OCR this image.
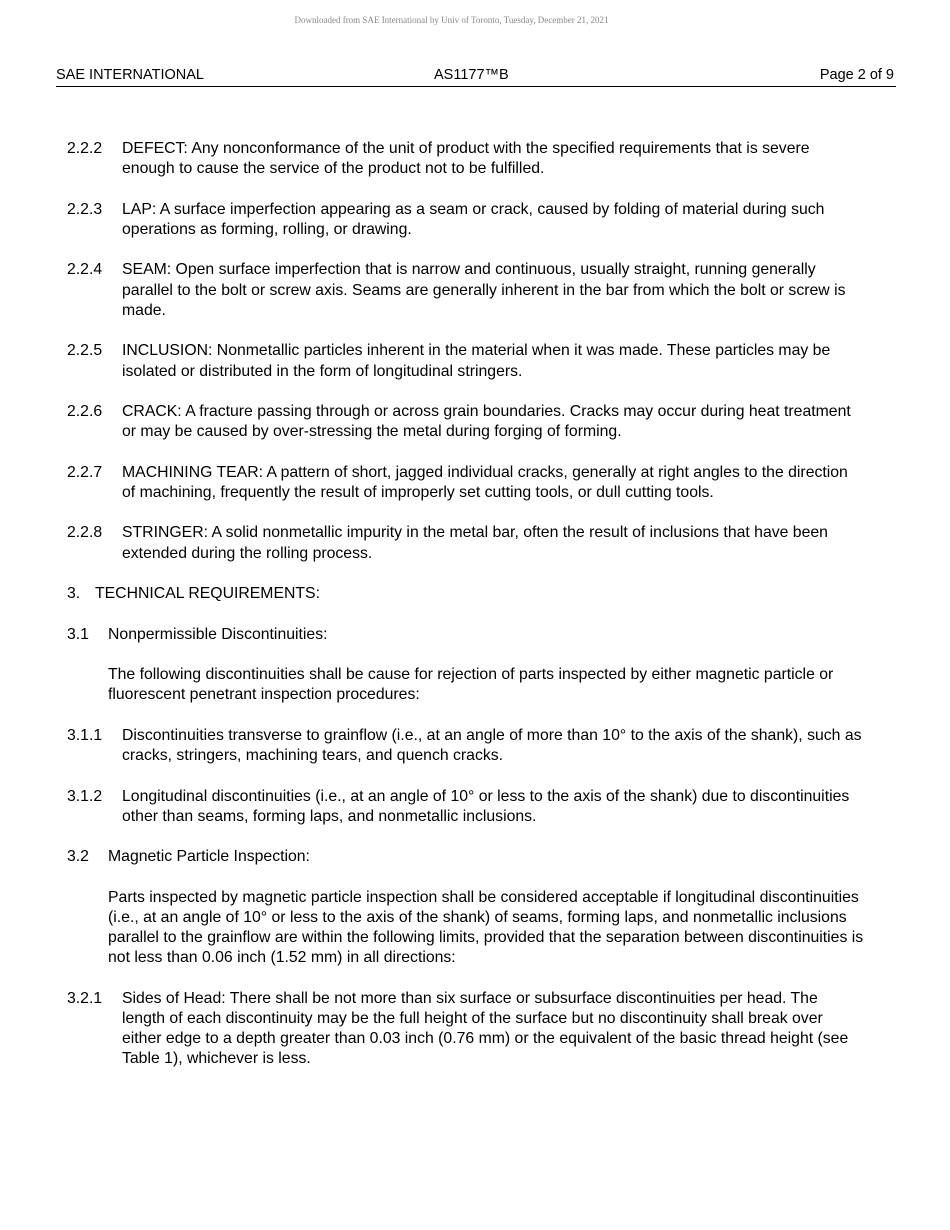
Downloaded from SAE International by Univ of Toronto, Tuesday, December 21, 2021
SAE INTERNATIONAL	AS1177™B	Page 2 of 9
2.2.2 DEFECT: Any nonconformance of the unit of product with the specified requirements that is severe enough to cause the service of the product not to be fulfilled.
2.2.3 LAP: A surface imperfection appearing as a seam or crack, caused by folding of material during such operations as forming, rolling, or drawing.
2.2.4 SEAM: Open surface imperfection that is narrow and continuous, usually straight, running generally parallel to the bolt or screw axis. Seams are generally inherent in the bar from which the bolt or screw is made.
2.2.5 INCLUSION: Nonmetallic particles inherent in the material when it was made. These particles may be isolated or distributed in the form of longitudinal stringers.
2.2.6 CRACK: A fracture passing through or across grain boundaries. Cracks may occur during heat treatment or may be caused by over-stressing the metal during forging of forming.
2.2.7 MACHINING TEAR: A pattern of short, jagged individual cracks, generally at right angles to the direction of machining, frequently the result of improperly set cutting tools, or dull cutting tools.
2.2.8 STRINGER: A solid nonmetallic impurity in the metal bar, often the result of inclusions that have been extended during the rolling process.
3. TECHNICAL REQUIREMENTS:
3.1 Nonpermissible Discontinuities:
The following discontinuities shall be cause for rejection of parts inspected by either magnetic particle or fluorescent penetrant inspection procedures:
3.1.1 Discontinuities transverse to grainflow (i.e., at an angle of more than 10° to the axis of the shank), such as cracks, stringers, machining tears, and quench cracks.
3.1.2 Longitudinal discontinuities (i.e., at an angle of 10° or less to the axis of the shank) due to discontinuities other than seams, forming laps, and nonmetallic inclusions.
3.2 Magnetic Particle Inspection:
Parts inspected by magnetic particle inspection shall be considered acceptable if longitudinal discontinuities (i.e., at an angle of 10° or less to the axis of the shank) of seams, forming laps, and nonmetallic inclusions parallel to the grainflow are within the following limits, provided that the separation between discontinuities is not less than 0.06 inch (1.52 mm) in all directions:
3.2.1 Sides of Head: There shall be not more than six surface or subsurface discontinuities per head. The length of each discontinuity may be the full height of the surface but no discontinuity shall break over either edge to a depth greater than 0.03 inch (0.76 mm) or the equivalent of the basic thread height (see Table 1), whichever is less.
